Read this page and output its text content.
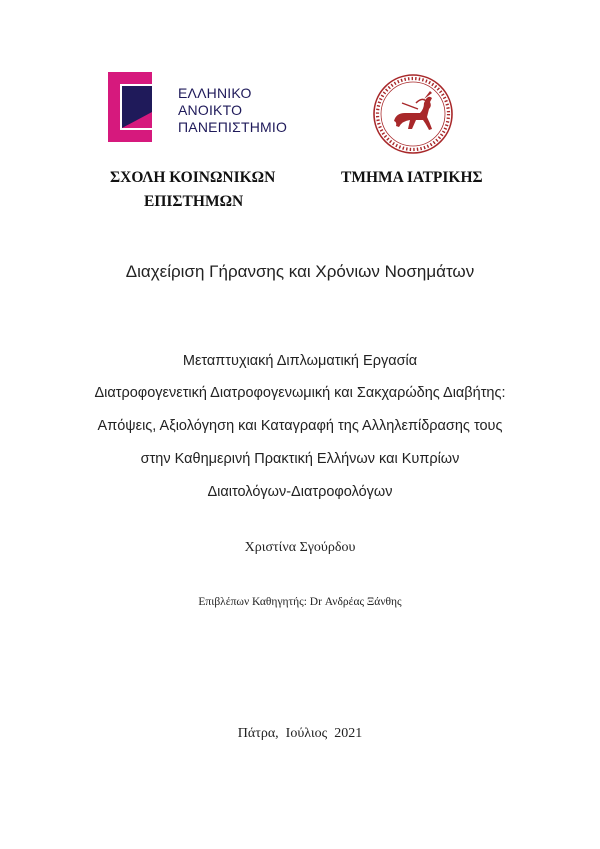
ΕΛΛΗΝΙΚΟ
ΑΝΟΙΚΤΟ
ΠΑΝΕΠΙΣΤΗΜΙΟ
ΣΧΟΛΗ ΚΟΙΝΩΝΙΚΩΝ
ΕΠΙΣΤΗΜΩΝ
ΤΜΗΜΑ ΙΑΤΡΙΚΗΣ
Διαχείριση Γήρανσης και Χρόνιων Νοσημάτων
Μεταπτυχιακή Διπλωματική Εργασία
Διατροφογενετική Διατροφογενωμική και Σακχαρώδης Διαβήτης:
Απόψεις, Αξιολόγηση και Καταγραφή της Αλληλεπίδρασης τους
στην Καθημερινή Πρακτική Ελλήνων και Κυπρίων
Διαιτολόγων-Διατροφολόγων
Χριστίνα Σγούρδου
Επιβλέπων Καθηγητής: Dr Ανδρέας Ξάνθης
Πάτρα,  Ιούλιος  2021
